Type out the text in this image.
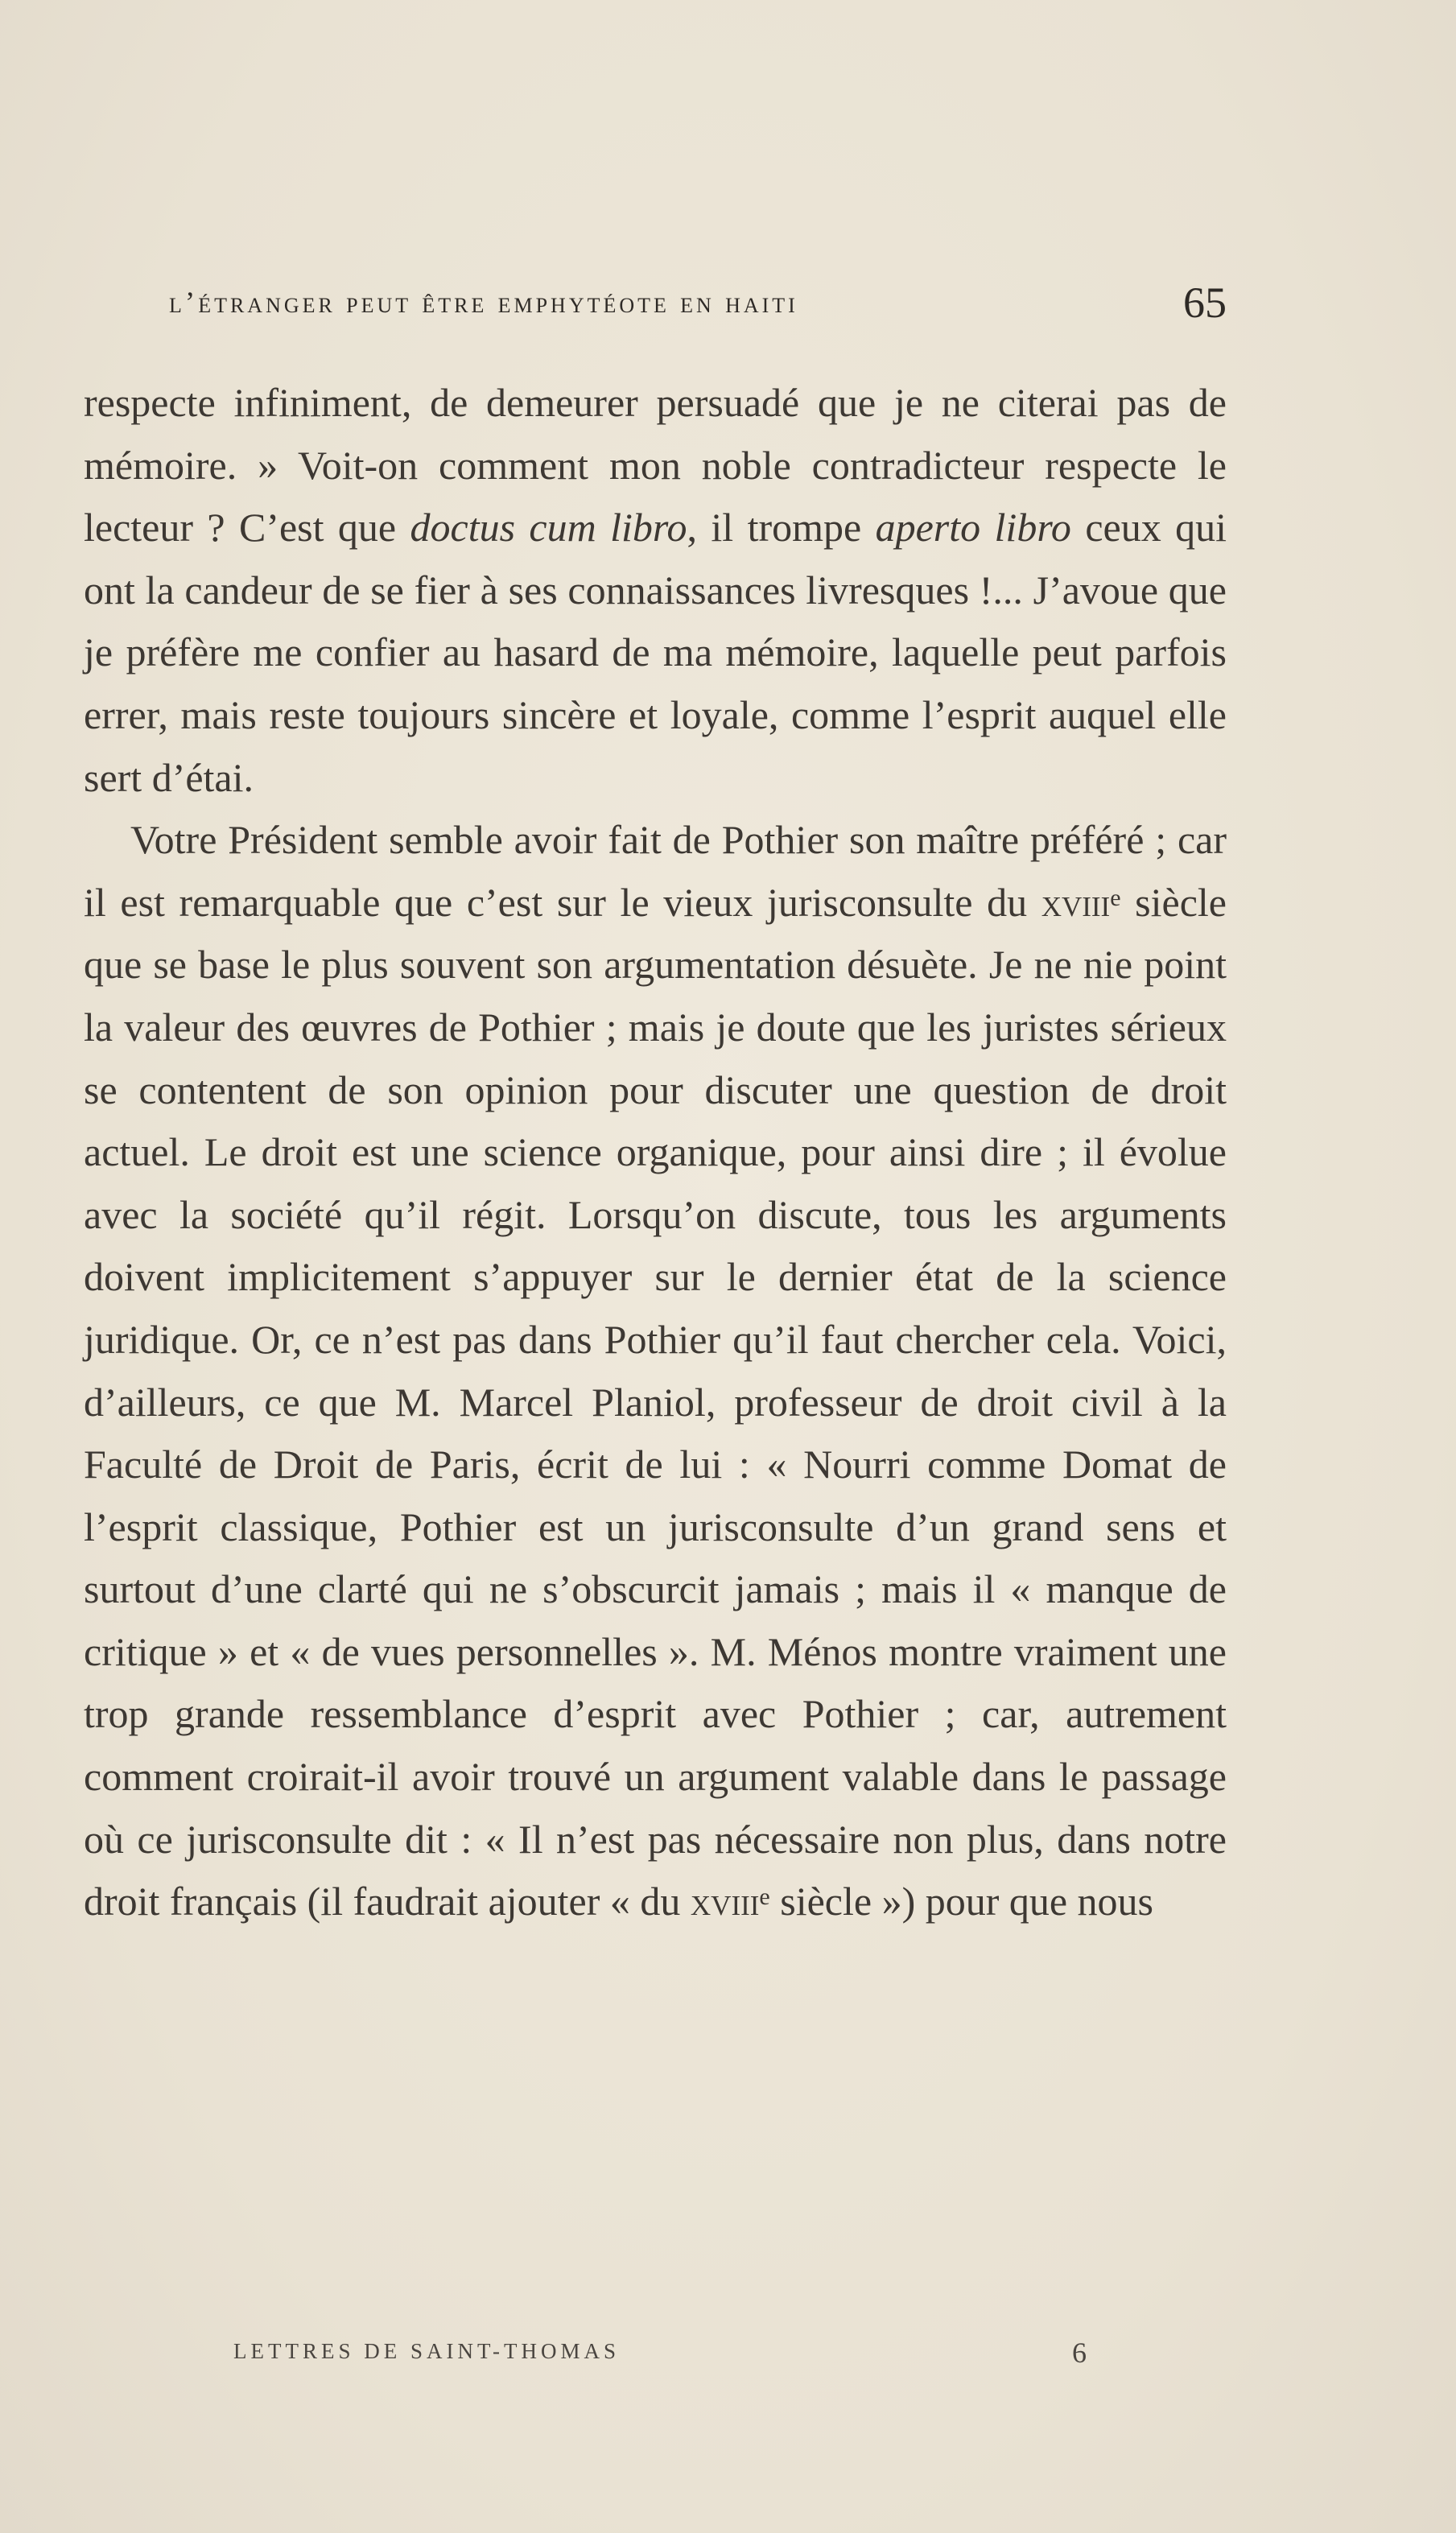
l’étranger peut être emphytéote en haiti	65

respecte infiniment, de demeurer persuadé que je ne citerai pas de mémoire. » Voit-on comment mon noble contradicteur respecte le lecteur ? C’est que doctus cum libro, il trompe aperto libro ceux qui ont la candeur de se fier à ses connaissances livresques !... J’avoue que je préfère me confier au hasard de ma mémoire, laquelle peut parfois errer, mais reste toujours sincère et loyale, comme l’esprit auquel elle sert d’étai.

Votre Président semble avoir fait de Pothier son maître préféré ; car il est remarquable que c’est sur le vieux jurisconsulte du xviii$^e$ siècle que se base le plus souvent son argumentation désuète. Je ne nie point la valeur des œuvres de Pothier ; mais je doute que les juristes sérieux se contentent de son opinion pour discuter une question de droit actuel. Le droit est une science organique, pour ainsi dire ; il évolue avec la société qu’il régit. Lorsqu’on discute, tous les arguments doivent implicitement s’appuyer sur le dernier état de la science juridique. Or, ce n’est pas dans Pothier qu’il faut chercher cela. Voici, d’ailleurs, ce que M. Marcel Planiol, professeur de droit civil à la Faculté de Droit de Paris, écrit de lui : « Nourri comme Domat de l’esprit classique, Pothier est un jurisconsulte d’un grand sens et surtout d’une clarté qui ne s’obscurcit jamais ; mais il « manque de critique » et « de vues personnelles ». M. Ménos montre vraiment une trop grande ressemblance d’esprit avec Pothier ; car, autrement comment croirait-il avoir trouvé un argument valable dans le passage où ce jurisconsulte dit : « Il n’est pas nécessaire non plus, dans notre droit français (il faudrait ajouter « du xviii$^e$ siècle ») pour que nous

LETTRES DE SAINT-THOMAS	6
